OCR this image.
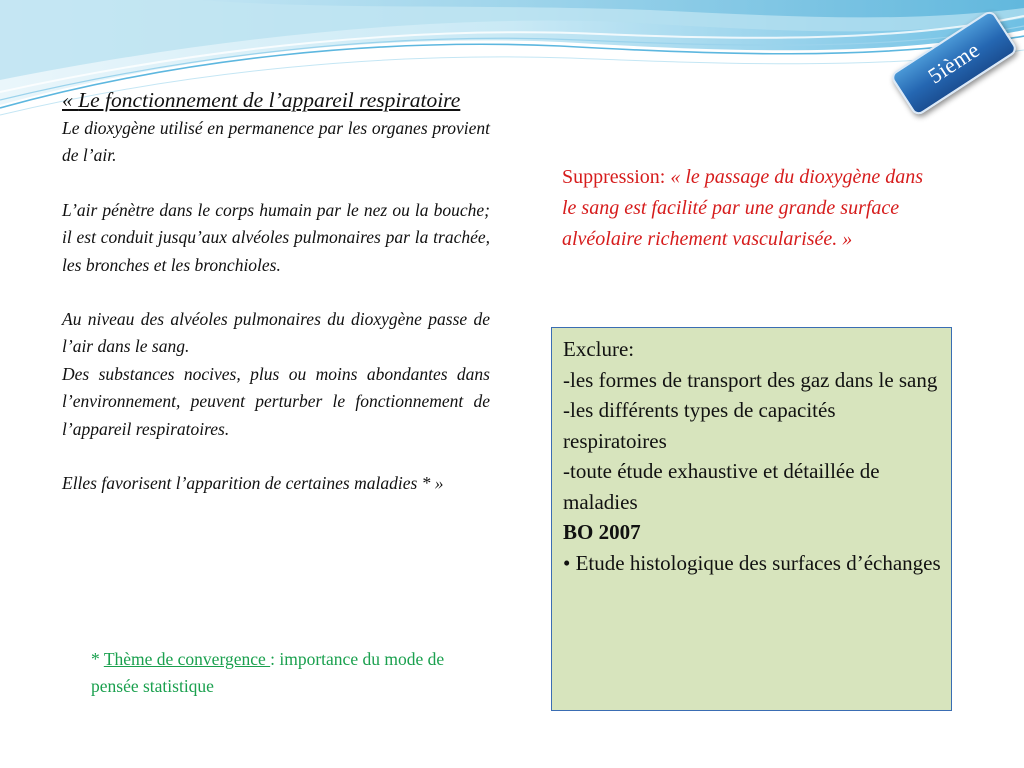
5ième
« Le fonctionnement de l’appareil respiratoire

Le dioxygène utilisé en permanence par les organes provient de l’air.

L’air pénètre dans le corps humain par le nez ou la bouche; il est conduit jusqu’aux alvéoles pulmonaires par la trachée, les bronches et les bronchioles.

Au niveau des alvéoles pulmonaires du dioxygène passe de l’air dans le sang.

Des substances nocives, plus ou moins abondantes dans l’environnement, peuvent perturber le fonctionnement de l’appareil respiratoires.

Elles favorisent l’apparition de certaines maladies * »

* Thème de convergence : importance du mode de pensée statistique
Suppression: « le passage du dioxygène dans le sang est facilité par une grande surface alvéolaire richement vascularisée. »
Exclure:
-les formes de transport des gaz dans le sang
-les différents types de capacités respiratoires
-toute étude exhaustive et détaillée de maladies
BO 2007
• Etude histologique des surfaces d’échanges
